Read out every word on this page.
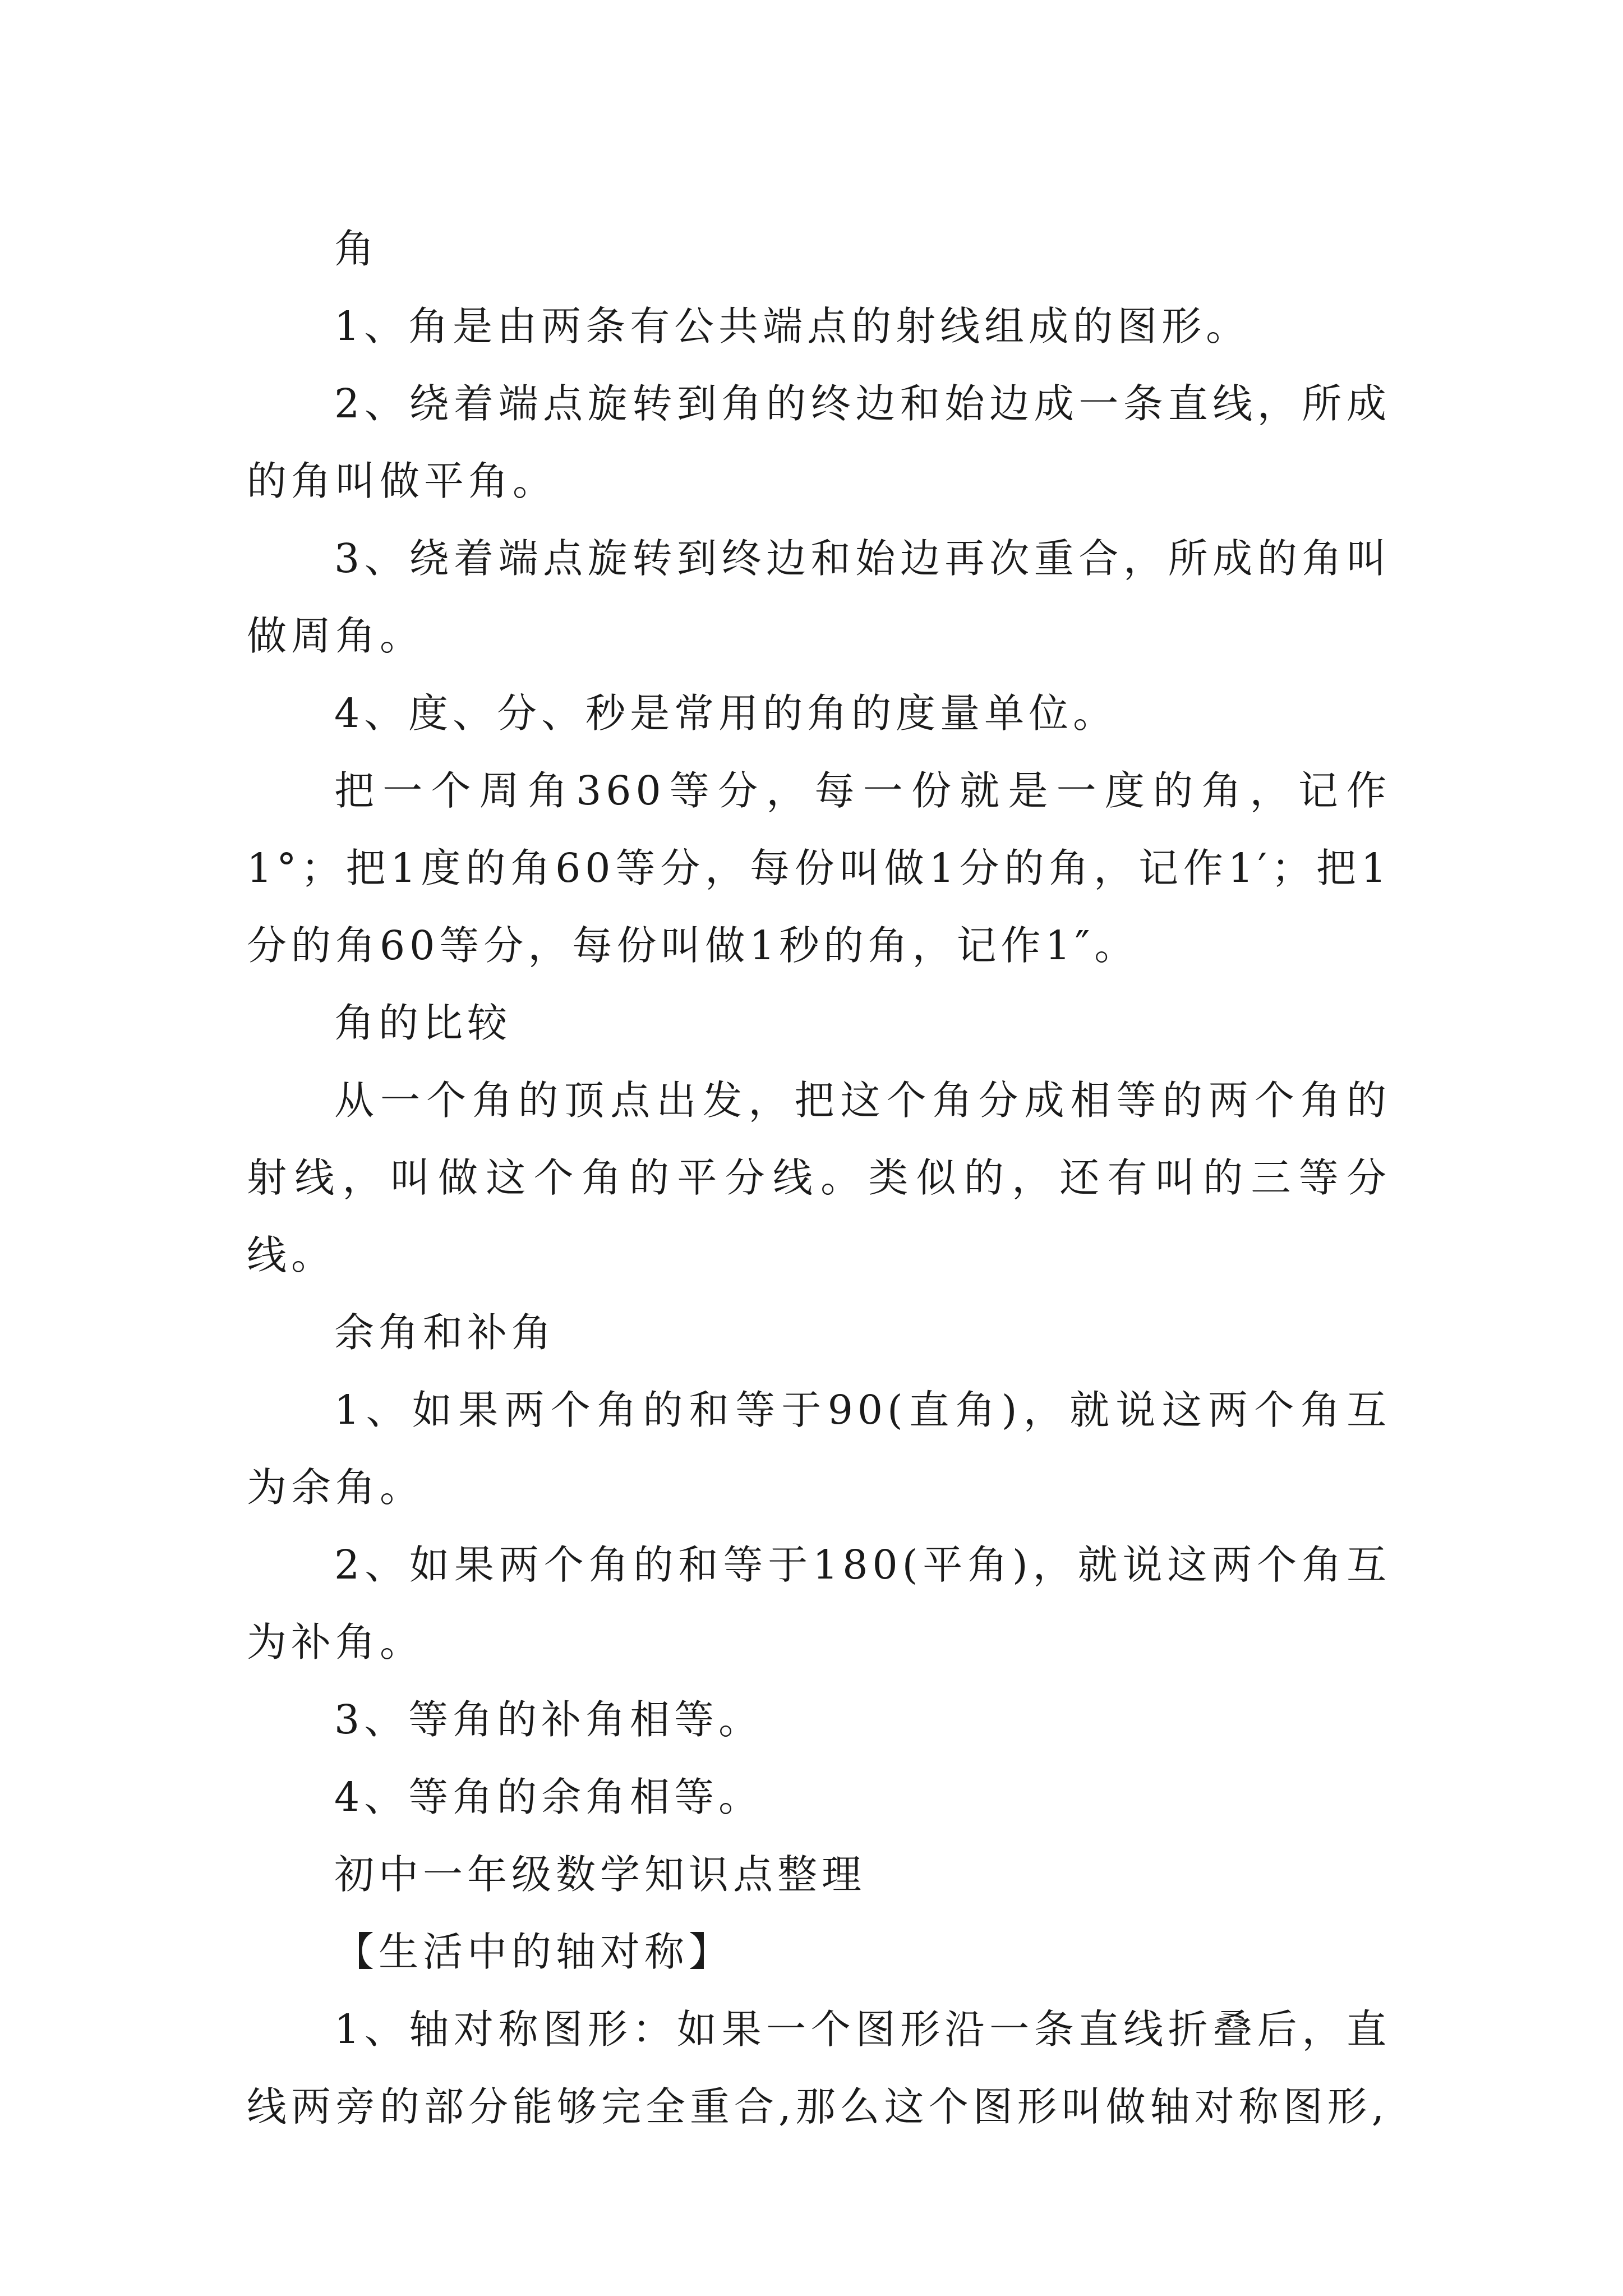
角

1、角是由两条有公共端点的射线组成的图形。

2、绕着端点旋转到角的终边和始边成一条直线，所成的角叫做平角。

3、绕着端点旋转到终边和始边再次重合，所成的角叫做周角。

4、度、分、秒是常用的角的度量单位。

把一个周角360等分，每一份就是一度的角，记作1°；把1度的角60等分，每份叫做1分的角，记作1′；把1分的角60等分，每份叫做1秒的角，记作1″。

角的比较

从一个角的顶点出发，把这个角分成相等的两个角的射线，叫做这个角的平分线。类似的，还有叫的三等分线。

余角和补角

1、如果两个角的和等于90(直角)，就说这两个角互为余角。

2、如果两个角的和等于180(平角)，就说这两个角互为补角。

3、等角的补角相等。

4、等角的余角相等。

初中一年级数学知识点整理

【生活中的轴对称】

1、轴对称图形：如果一个图形沿一条直线折叠后，直线两旁的部分能够完全重合,那么这个图形叫做轴对称图形,
